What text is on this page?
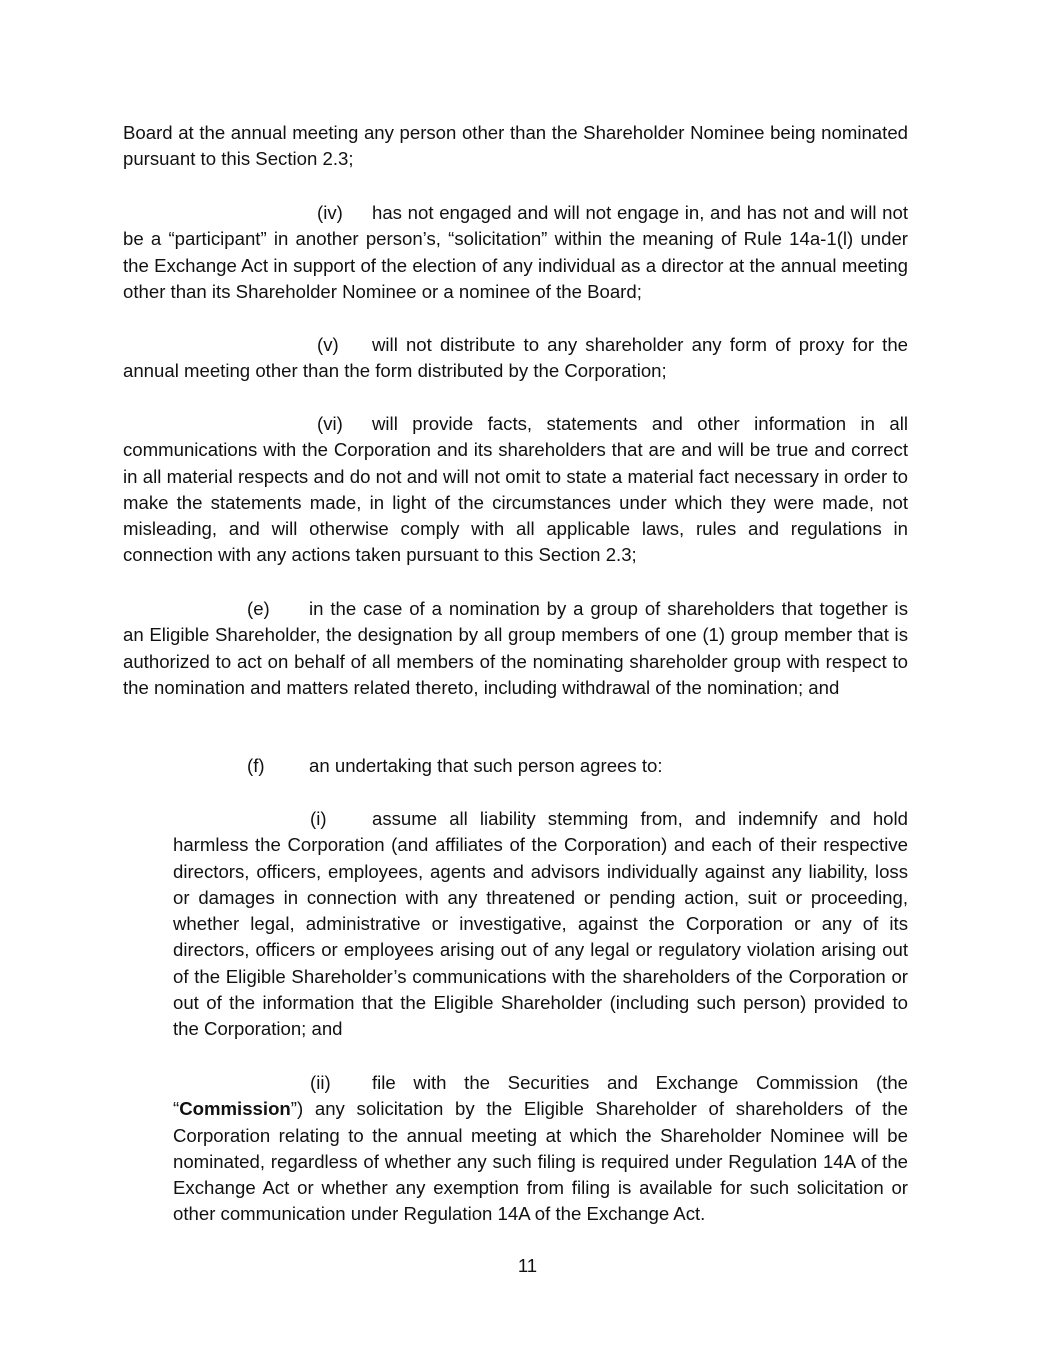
Board at the annual meeting any person other than the Shareholder Nominee being nominated pursuant to this Section 2.3;

(iv) has not engaged and will not engage in, and has not and will not be a “participant” in another person’s, “solicitation” within the meaning of Rule 14a-1(l) under the Exchange Act in support of the election of any individual as a director at the annual meeting other than its Shareholder Nominee or a nominee of the Board;

(v) will not distribute to any shareholder any form of proxy for the annual meeting other than the form distributed by the Corporation;

(vi) will provide facts, statements and other information in all communications with the Corporation and its shareholders that are and will be true and correct in all material respects and do not and will not omit to state a material fact necessary in order to make the statements made, in light of the circumstances under which they were made, not misleading, and will otherwise comply with all applicable laws, rules and regulations in connection with any actions taken pursuant to this Section 2.3;

(e) in the case of a nomination by a group of shareholders that together is an Eligible Shareholder, the designation by all group members of one (1) group member that is authorized to act on behalf of all members of the nominating shareholder group with respect to the nomination and matters related thereto, including withdrawal of the nomination; and

(f) an undertaking that such person agrees to:

(i) assume all liability stemming from, and indemnify and hold harmless the Corporation (and affiliates of the Corporation) and each of their respective directors, officers, employees, agents and advisors individually against any liability, loss or damages in connection with any threatened or pending action, suit or proceeding, whether legal, administrative or investigative, against the Corporation or any of its directors, officers or employees arising out of any legal or regulatory violation arising out of the Eligible Shareholder’s communications with the shareholders of the Corporation or out of the information that the Eligible Shareholder (including such person) provided to the Corporation; and

(ii) file with the Securities and Exchange Commission (the “Commission”) any solicitation by the Eligible Shareholder of shareholders of the Corporation relating to the annual meeting at which the Shareholder Nominee will be nominated, regardless of whether any such filing is required under Regulation 14A of the Exchange Act or whether any exemption from filing is available for such solicitation or other communication under Regulation 14A of the Exchange Act.

11
